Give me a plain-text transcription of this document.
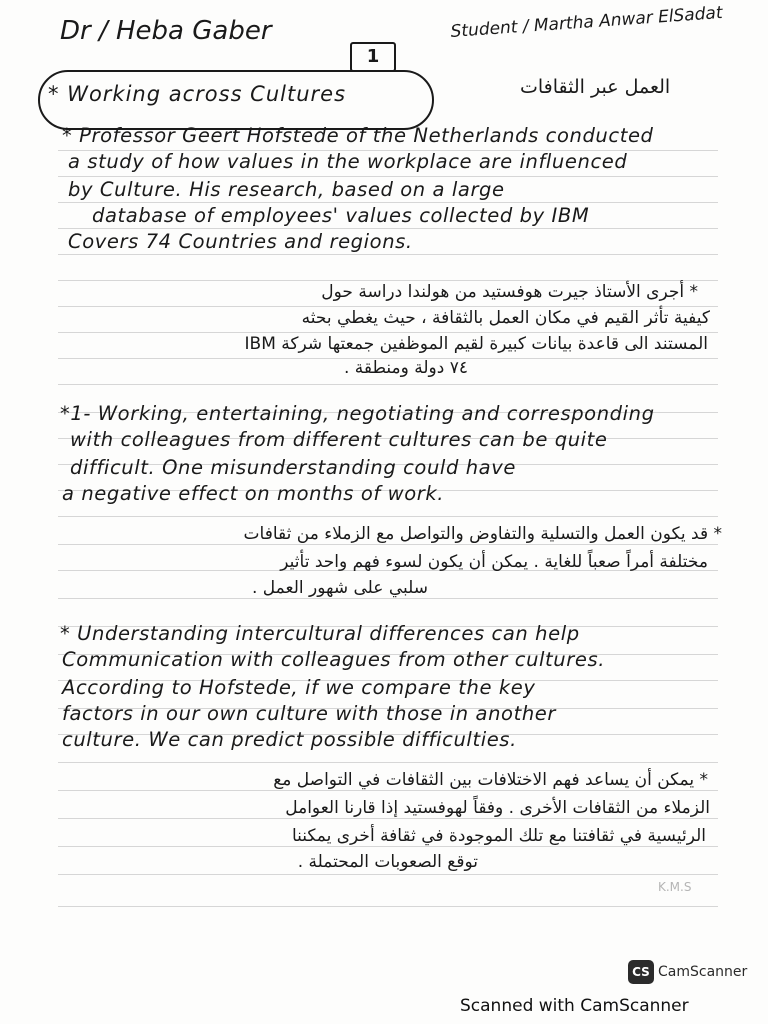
Dr / Heba Gaber	Student / Martha Anwar ElSadat
1
* Working across Cultures	العمل عبر الثقافات
* Professor Geert Hofstede of the Netherlands conducted
a study of how values in the workplace are influenced
by Culture. His research, based on a large
database of employees' values collected by IBM
Covers 74 Countries and regions.
* أجرى الأستاذ جيرت هوفستيد من هولندا دراسة حول
كيفية تأثر القيم في مكان العمل بالثقافة ، حيث يغطي بحثه
المستند الى قاعدة بيانات كبيرة لقيم الموظفين جمعتها شركة IBM
٧٤ دولة ومنطقة .
*1- Working, entertaining, negotiating and corresponding
with colleagues from different cultures can be quite
difficult. One misunderstanding could have
a negative effect on months of work.
* قد يكون العمل والتسلية والتفاوض والتواصل مع الزملاء من ثقافات
مختلفة أمراً صعباً للغاية . يمكن أن يكون لسوء فهم واحد تأثير
سلبي على شهور العمل .
* Understanding intercultural differences can help
Communication with colleagues from other cultures.
According to Hofstede, if we compare the key
factors in our own culture with those in another
culture. We can predict possible difficulties.
* يمكن أن يساعد فهم الاختلافات بين الثقافات في التواصل مع
الزملاء من الثقافات الأخرى . وفقاً لهوفستيد إذا قارنا العوامل
الرئيسية في ثقافتنا مع تلك الموجودة في ثقافة أخرى يمكننا
توقع الصعوبات المحتملة .
K.M.S
CS CamScanner
Scanned with CamScanner
